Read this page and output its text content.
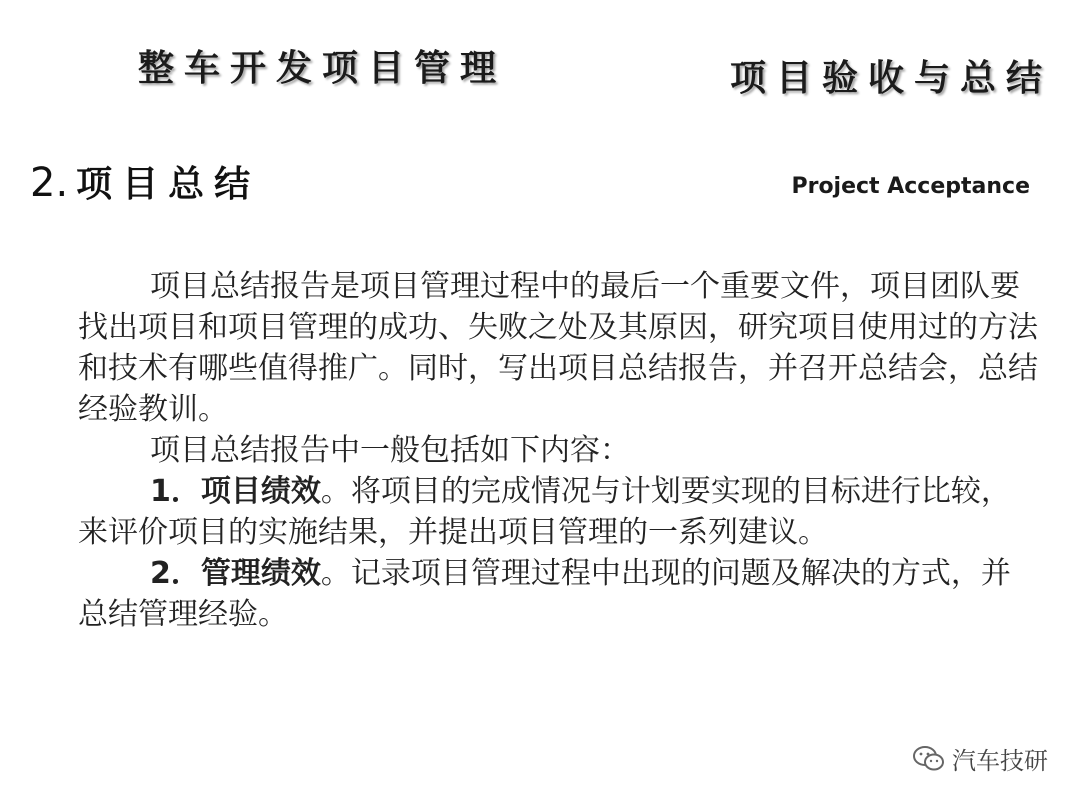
整车开发项目管理	项目验收与总结
2. 项目总结	Project Acceptance

项目总结报告是项目管理过程中的最后一个重要文件，项目团队要找出项目和项目管理的成功、失败之处及其原因，研究项目使用过的方法和技术有哪些值得推广。同时，写出项目总结报告，并召开总结会，总结经验教训。

项目总结报告中一般包括如下内容：

1．项目绩效。将项目的完成情况与计划要实现的目标进行比较，来评价项目的实施结果，并提出项目管理的一系列建议。

2．管理绩效。记录项目管理过程中出现的问题及解决的方式，并总结管理经验。

汽车技研
